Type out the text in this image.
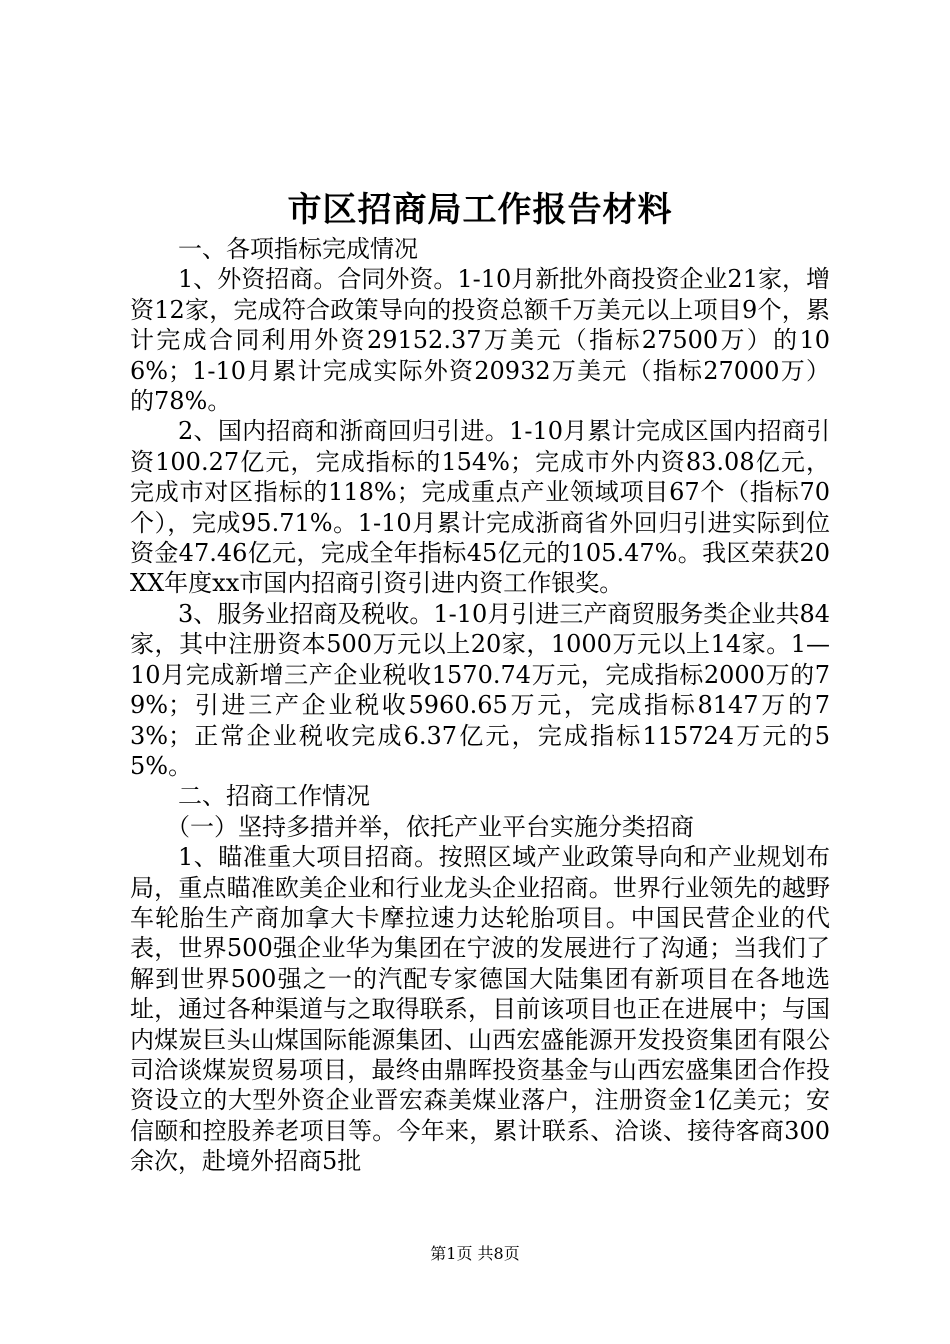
市区招商局工作报告材料

一、各项指标完成情况

1、外资招商。合同外资。1-10月新批外商投资企业21家，增资12家，完成符合政策导向的投资总额千万美元以上项目9个，累计完成合同利用外资29152.37万美元（指标27500万）的106%；1-10月累计完成实际外资20932万美元（指标27000万）的78%。

2、国内招商和浙商回归引进。1-10月累计完成区国内招商引资100.27亿元，完成指标的154%；完成市外内资83.08亿元，完成市对区指标的118%；完成重点产业领域项目67个（指标70个），完成95.71%。1-10月累计完成浙商省外回归引进实际到位资金47.46亿元，完成全年指标45亿元的105.47%。我区荣获20XX年度xx市国内招商引资引进内资工作银奖。

3、服务业招商及税收。1-10月引进三产商贸服务类企业共84家，其中注册资本500万元以上20家，1000万元以上14家。1—10月完成新增三产企业税收1570.74万元，完成指标2000万的79%；引进三产企业税收5960.65万元，完成指标8147万的73%；正常企业税收完成6.37亿元，完成指标115724万元的55%。

二、招商工作情况

（一）坚持多措并举，依托产业平台实施分类招商

1、瞄准重大项目招商。按照区域产业政策导向和产业规划布局，重点瞄准欧美企业和行业龙头企业招商。世界行业领先的越野车轮胎生产商加拿大卡摩拉速力达轮胎项目。中国民营企业的代表，世界500强企业华为集团在宁波的发展进行了沟通；当我们了解到世界500强之一的汽配专家德国大陆集团有新项目在各地选址，通过各种渠道与之取得联系，目前该项目也正在进展中；与国内煤炭巨头山煤国际能源集团、山西宏盛能源开发投资集团有限公司洽谈煤炭贸易项目，最终由鼎晖投资基金与山西宏盛集团合作投资设立的大型外资企业晋宏森美煤业落户，注册资金1亿美元；安信颐和控股养老项目等。今年来，累计联系、洽谈、接待客商300余次，赴境外招商5批

第1页 共8页
